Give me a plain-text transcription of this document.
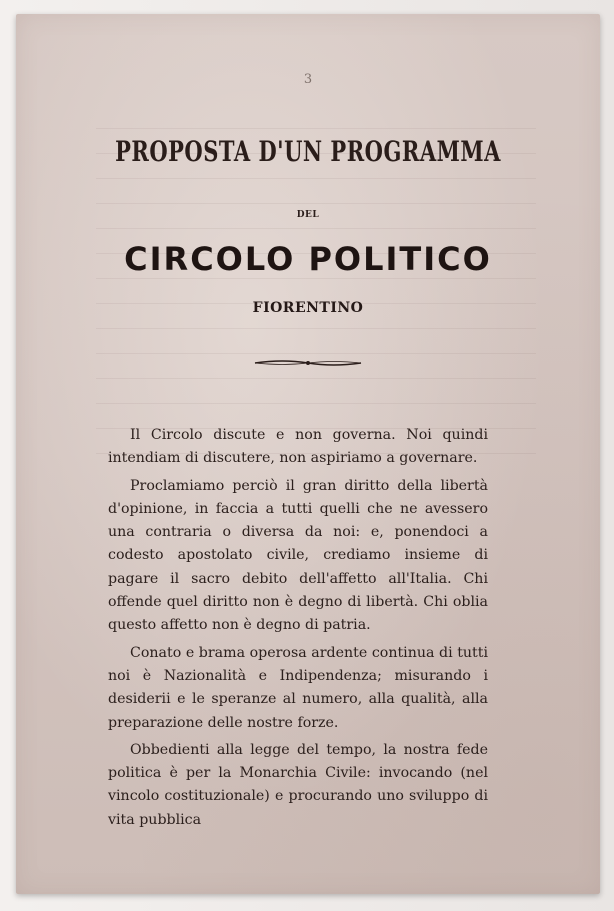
3
PROPOSTA D'UN PROGRAMMA
DEL
CIRCOLO POLITICO
FIORENTINO

Il Circolo discute e non governa. Noi quindi intendiam di discutere, non aspiriamo a governare.

Proclamiamo perciò il gran diritto della libertà d'opinione, in faccia a tutti quelli che ne avessero una contraria o diversa da noi: e, ponendoci a codesto apostolato civile, crediamo insieme di pagare il sacro debito dell'affetto all'Italia. Chi offende quel diritto non è degno di libertà. Chi oblia questo affetto non è degno di patria.

Conato e brama operosa ardente continua di tutti noi è Nazionalità e Indipendenza; misurando i desiderii e le speranze al numero, alla qualità, alla preparazione delle nostre forze.

Obbedienti alla legge del tempo, la nostra fede politica è per la Monarchia Civile: invocando (nel vincolo costituzionale) e procurando uno sviluppo di vita pubblica
